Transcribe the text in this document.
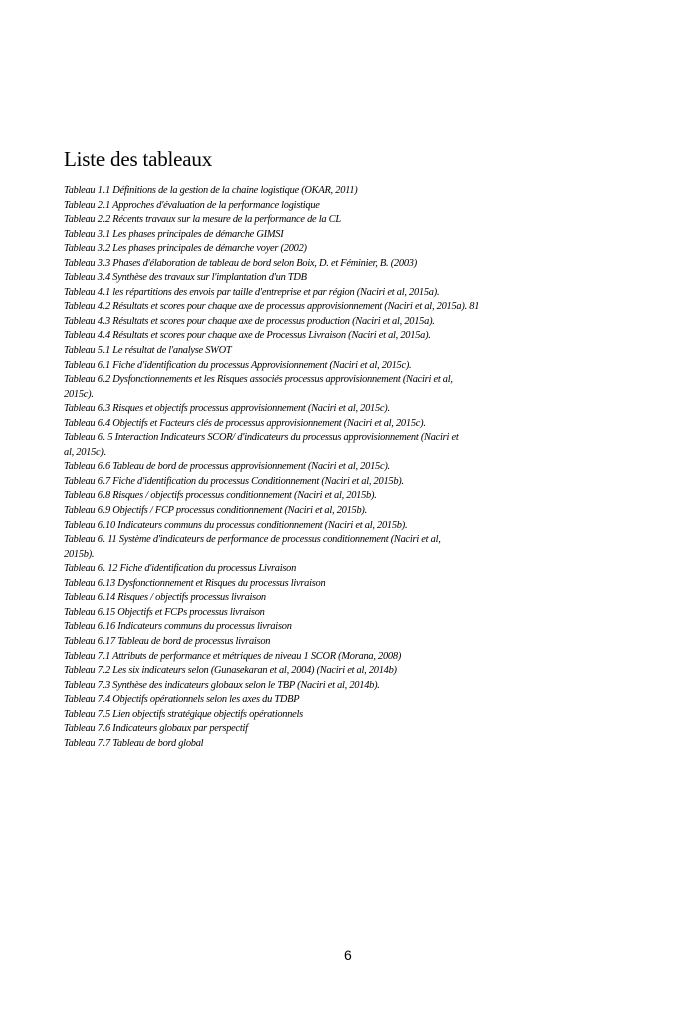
Liste des tableaux
Tableau 1.1 Définitions de la gestion de la chaine logistique (OKAR, 2011)
Tableau 2.1 Approches d'évaluation de la performance logistique
Tableau 2.2 Récents travaux sur la mesure de la performance de la CL
Tableau 3.1 Les phases principales de démarche GIMSI
Tableau 3.2 Les phases principales de démarche voyer (2002)
Tableau 3.3 Phases d'élaboration de tableau de bord selon Boix, D. et Féminier, B. (2003)
Tableau 3.4 Synthèse des travaux sur l'implantation d'un TDB
Tableau 4.1 les répartitions des envois par taille d'entreprise et par région (Naciri et al, 2015a).
Tableau 4.2 Résultats et scores pour chaque axe de processus approvisionnement (Naciri et al, 2015a). 81
Tableau 4.3 Résultats et scores pour chaque axe de processus production (Naciri et al, 2015a).
Tableau 4.4 Résultats et scores pour chaque axe de Processus Livraison (Naciri et al, 2015a).
Tableau 5.1 Le résultat de l'analyse SWOT
Tableau 6.1 Fiche d'identification du processus Approvisionnement (Naciri et al, 2015c).
Tableau 6.2 Dysfonctionnements et les Risques associés processus approvisionnement (Naciri et al,
2015c).
Tableau 6.3 Risques et objectifs processus approvisionnement (Naciri et al, 2015c).
Tableau 6.4 Objectifs et Facteurs clés de processus approvisionnement (Naciri et al, 2015c).
Tableau 6. 5 Interaction Indicateurs SCOR/ d'indicateurs du processus approvisionnement (Naciri et
al, 2015c).
Tableau 6.6 Tableau de bord de processus approvisionnement (Naciri et al, 2015c).
Tableau 6.7 Fiche d'identification du processus Conditionnement (Naciri et al, 2015b).
Tableau 6.8 Risques / objectifs processus conditionnement (Naciri et al, 2015b).
Tableau 6.9 Objectifs / FCP processus conditionnement (Naciri et al, 2015b).
Tableau 6.10 Indicateurs communs du processus conditionnement (Naciri et al, 2015b).
Tableau 6. 11 Système d'indicateurs de performance de processus conditionnement (Naciri et al,
2015b).
Tableau 6. 12 Fiche d'identification du processus Livraison
Tableau 6.13 Dysfonctionnement et Risques du processus livraison
Tableau 6.14 Risques / objectifs processus livraison
Tableau 6.15 Objectifs et FCPs processus livraison
Tableau 6.16 Indicateurs communs du processus livraison
Tableau 6.17 Tableau de bord de processus livraison
Tableau 7.1 Attributs de performance et métriques de niveau 1 SCOR (Morana, 2008)
Tableau 7.2 Les six indicateurs selon (Gunasekaran et al, 2004) (Naciri et al, 2014b)
Tableau 7.3 Synthèse des indicateurs globaux selon le TBP (Naciri et al, 2014b).
Tableau 7.4 Objectifs opérationnels selon les axes du TDBP
Tableau 7.5 Lien objectifs stratégique objectifs opérationnels
Tableau 7.6 Indicateurs globaux par perspectif
Tableau 7.7 Tableau de bord global
6
